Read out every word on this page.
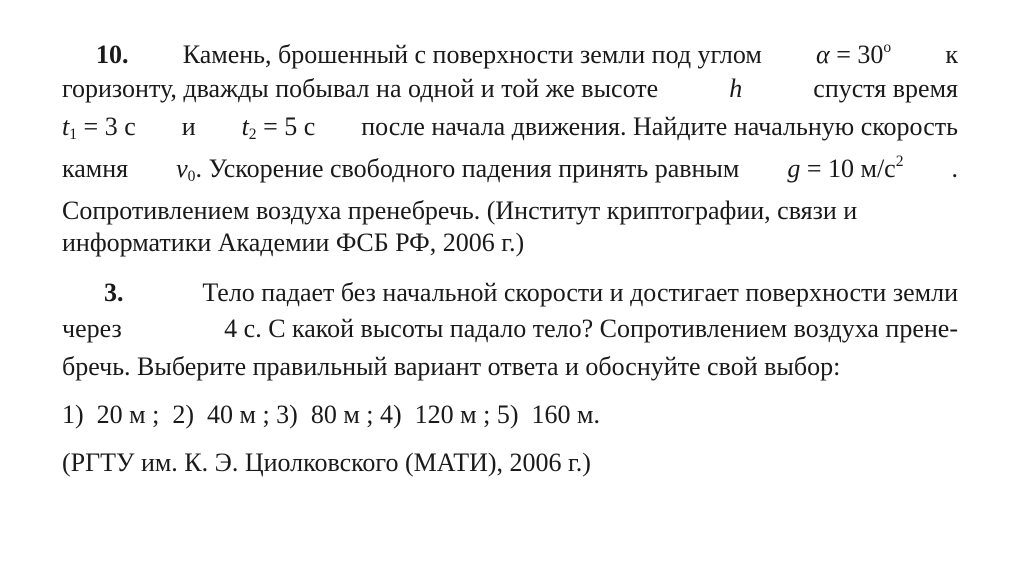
10. Камень, брошенный с поверхности земли под углом $\alpha = 30^o$ к
горизонту, дважды побывал на одной и той же высоте	h	спустя время
$t_1 = 3$ с и $t_2 = 5$ с после начала движения. Найдите начальную скорость
камня $v_0$. Ускорение свободного падения принять равным g = 10 $м/с^2$ .
Сопротивлением воздуха пренебречь. (Институт криптографии, связи и
информатики Академии ФСБ РФ, 2006 г.)
3.	Тело падает без начальной скорости и достигает поверхности земли
через	4 с. С какой высоты падало тело? Сопротивлением воздуха прене-
бречь. Выберите правильный вариант ответа и обоснуйте свой выбор:
1)  20 м ;  2)  40 м ; 3)  80 м ; 4)  120 м ; 5)  160 м.
(РГТУ им. К. Э. Циолковского (МАТИ), 2006 г.)
